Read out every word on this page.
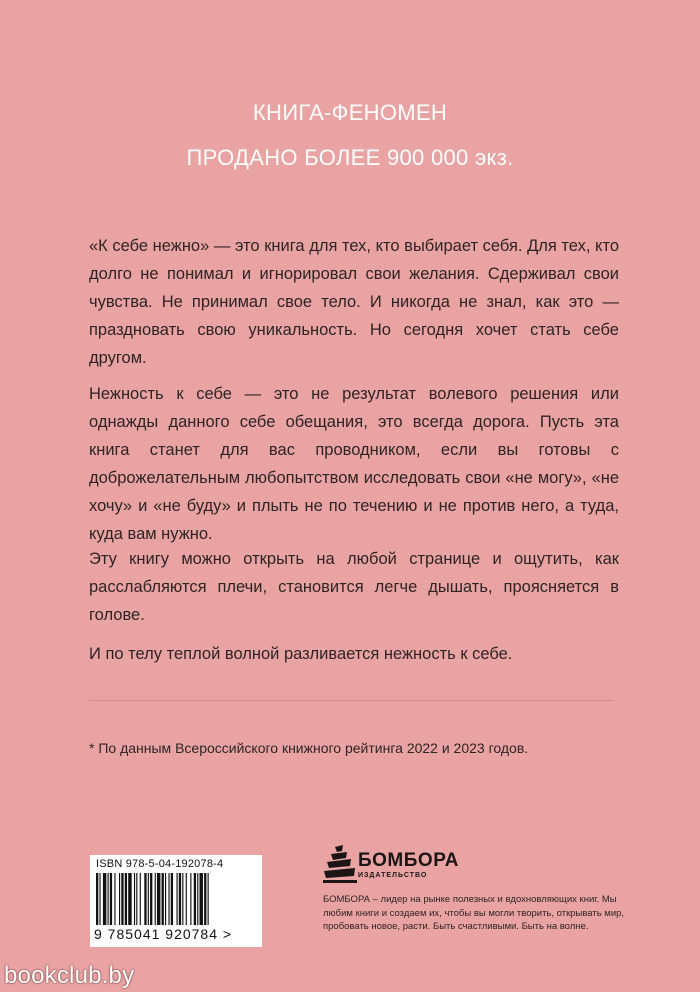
КНИГА-ФЕНОМЕН
ПРОДАНО БОЛЕЕ 900 000 экз.

«К себе нежно» — это книга для тех, кто выбирает себя. Для тех, кто долго не понимал и игнорировал свои желания. Сдерживал свои чувства. Не принимал свое тело. И никогда не знал, как это — праздновать свою уникальность. Но сегодня хочет стать себе другом.

Нежность к себе — это не результат волевого решения или однажды данного себе обещания, это всегда дорога. Пусть эта книга станет для вас проводником, если вы готовы с доброжелательным любопытством исследовать свои «не могу», «не хочу» и «не буду» и плыть не по течению и не против него, а туда, куда вам нужно.

Эту книгу можно открыть на любой странице и ощутить, как расслабляются плечи, становится легче дышать, проясняется в голове.

И по телу теплой волной разливается нежность к себе.

* По данным Всероссийского книжного рейтинга 2022 и 2023 годов.
ISBN 978-5-04-192078-4
9 785041 920784 >
БОМБОРА
ИЗДАТЕЛЬСТВО

БОМБОРА – лидер на рынке полезных и вдохновляющих книг. Мы любим книги и создаем их, чтобы вы могли творить, открывать мир, пробовать новое, расти. Быть счастливыми. Быть на волне.

bookclub.by
